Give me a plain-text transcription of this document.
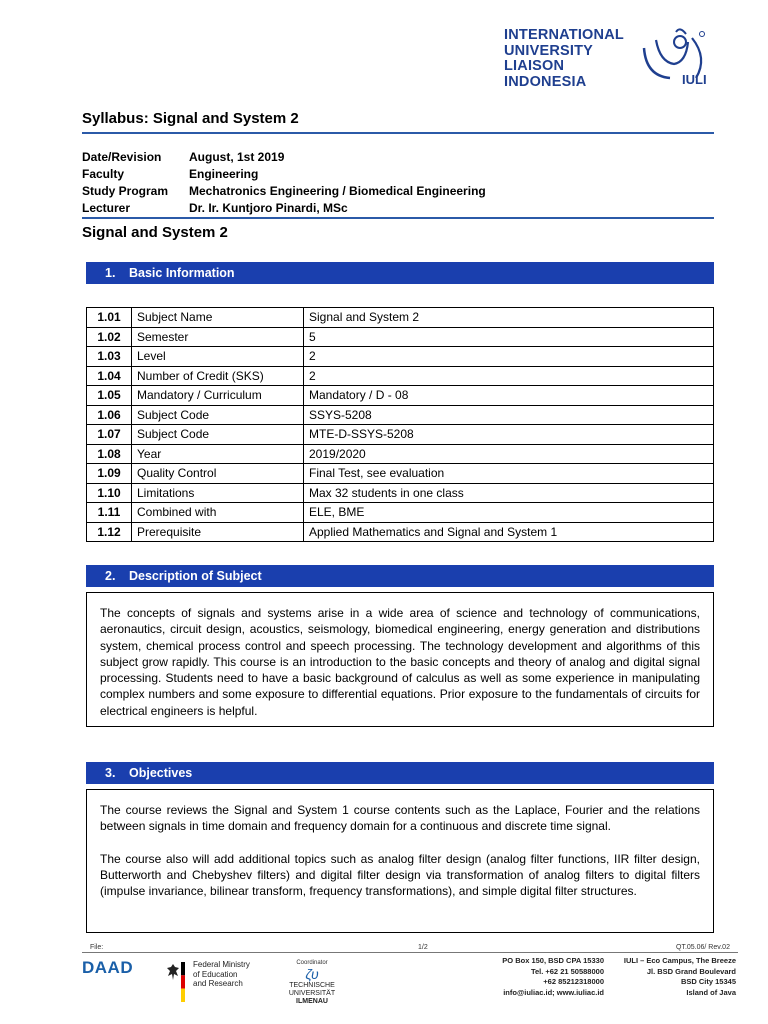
INTERNATIONAL
UNIVERSITY
LIAISON
INDONESIA	IULI
Syllabus: Signal and System 2
Date/Revision	August, 1st 2019
Faculty	Engineering
Study Program	Mechatronics Engineering / Biomedical Engineering
Lecturer	Dr. Ir. Kuntjoro Pinardi, MSc
Signal and System 2
1. Basic Information
1.01	Subject Name	Signal and System 2
1.02	Semester	5
1.03	Level	2
1.04	Number of Credit (SKS)	2
1.05	Mandatory / Curriculum	Mandatory / D - 08
1.06	Subject Code	SSYS-5208
1.07	Subject Code	MTE-D-SSYS-5208
1.08	Year	2019/2020
1.09	Quality Control	Final Test, see evaluation
1.10	Limitations	Max 32 students in one class
1.11	Combined with	ELE, BME
1.12	Prerequisite	Applied Mathematics and Signal and System 1
2. Description of Subject

The concepts of signals and systems arise in a wide area of science and technology of communications, aeronautics, circuit design, acoustics, seismology, biomedical engineering, energy generation and distributions system, chemical process control and speech processing. The technology development and algorithms of this subject grow rapidly. This course is an introduction to the basic concepts and theory of analog and digital signal processing. Students need to have a basic background of calculus as well as some experience in manipulating complex numbers and some exposure to differential equations. Prior exposure to the fundamentals of circuits for electrical engineers is helpful.

3. Objectives

The course reviews the Signal and System 1 course contents such as the Laplace, Fourier and the relations between signals in time domain and frequency domain for a continuous and discrete time signal.

The course also will add additional topics such as analog filter design (analog filter functions, IIR filter design, Butterworth and Chebyshev filters) and digital filter design via transformation of analog filters to digital filters (impulse invariance, bilinear transform, frequency transformations), and simple digital filter structures.

File:	1/2	QT.05.06/ Rev.02
DAAD	Federal Ministry
of Education
and Research
Coordinator
ζυ
TECHNISCHE UNIVERSITÄT
ILMENAU
PO Box 150, BSD CPA 15330
Tel. +62 21 50588000
+62 85212318000
info@iuliac.id; www.iuliac.id
IULI – Eco Campus, The Breeze
Jl. BSD Grand Boulevard
BSD City 15345
Island of Java
